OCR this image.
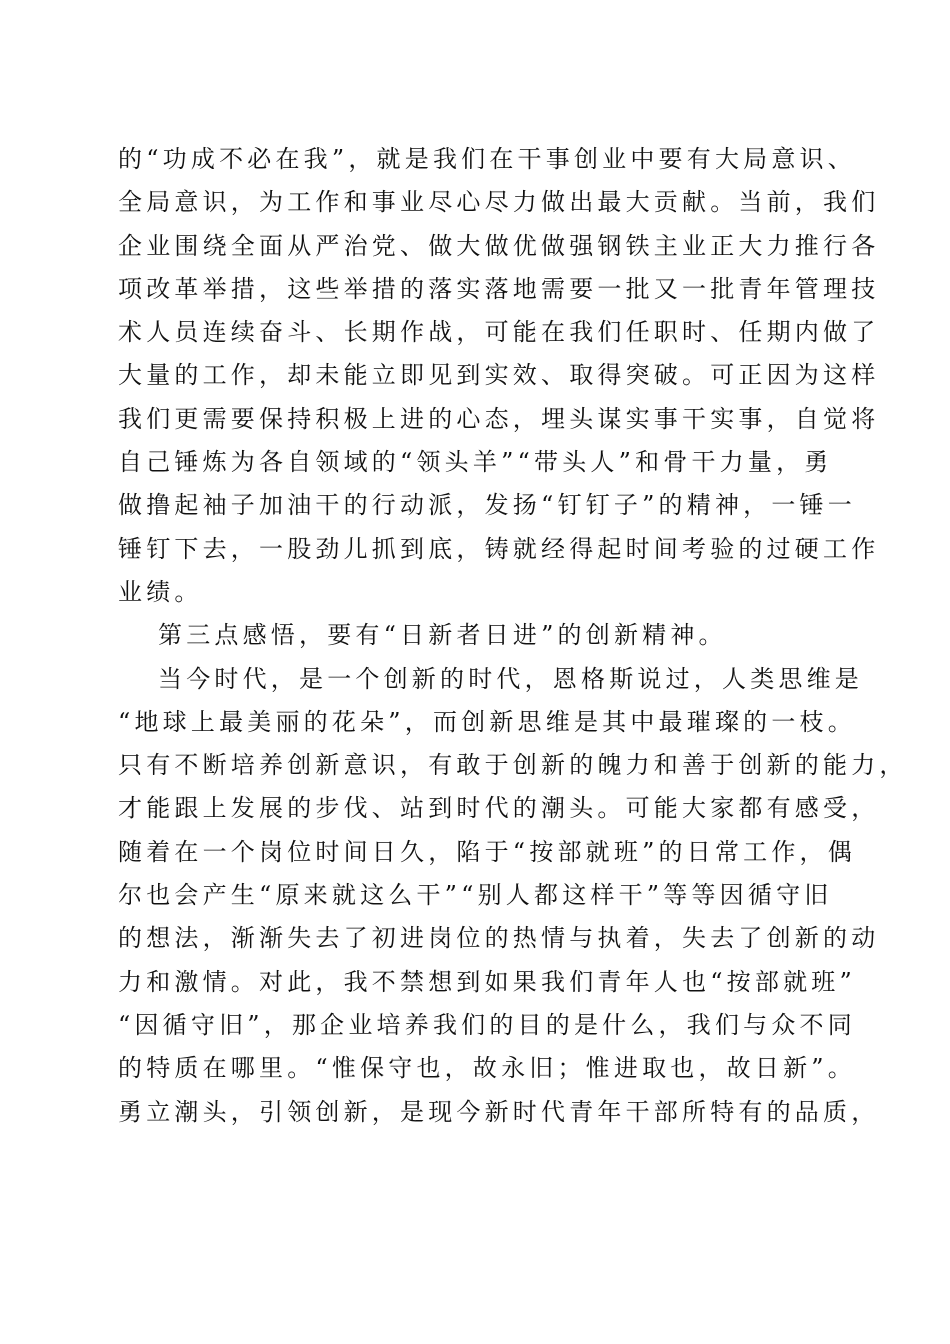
的“功成不必在我”，就是我们在干事创业中要有大局意识、
全局意识，为工作和事业尽心尽力做出最大贡献。当前，我们
企业围绕全面从严治党、做大做优做强钢铁主业正大力推行各
项改革举措，这些举措的落实落地需要一批又一批青年管理技
术人员连续奋斗、长期作战，可能在我们任职时、任期内做了
大量的工作，却未能立即见到实效、取得突破。可正因为这样
我们更需要保持积极上进的心态，埋头谋实事干实事，自觉将
自己锤炼为各自领域的“领头羊”“带头人”和骨干力量，勇
做撸起袖子加油干的行动派，发扬“钉钉子”的精神，一锤一
锤钉下去，一股劲儿抓到底，铸就经得起时间考验的过硬工作
业绩。
第三点感悟，要有“日新者日进”的创新精神。
当今时代，是一个创新的时代，恩格斯说过，人类思维是
“地球上最美丽的花朵”，而创新思维是其中最璀璨的一枝。
只有不断培养创新意识，有敢于创新的魄力和善于创新的能力，
才能跟上发展的步伐、站到时代的潮头。可能大家都有感受，
随着在一个岗位时间日久，陷于“按部就班”的日常工作，偶
尔也会产生“原来就这么干”“别人都这样干”等等因循守旧
的想法，渐渐失去了初进岗位的热情与执着，失去了创新的动
力和激情。对此，我不禁想到如果我们青年人也“按部就班”
“因循守旧”，那企业培养我们的目的是什么，我们与众不同
的特质在哪里。“惟保守也，故永旧；惟进取也，故日新”。
勇立潮头，引领创新，是现今新时代青年干部所特有的品质，
